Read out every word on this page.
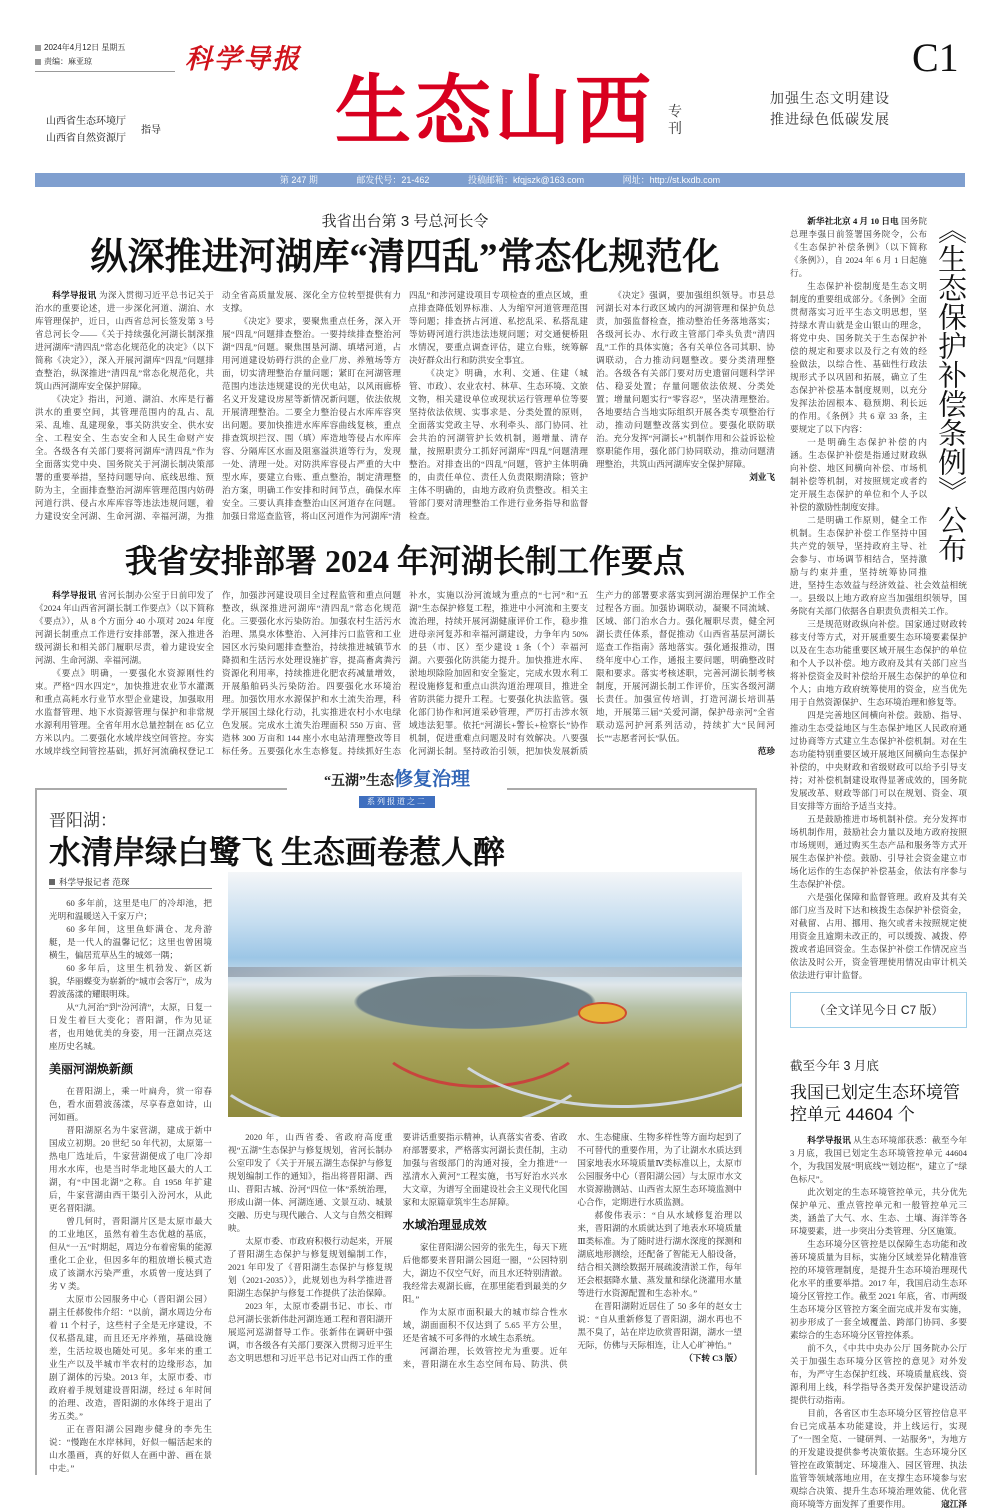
2024年4月12日 星期五
责编：麻亚琼	科学导报	C1
生态山西 专刊
山西省生态环境厅
山西省自然资源厅
指导
加强生态文明建设
推进绿色低碳发展
第 247 期	邮发代号：21-462	投稿邮箱：kfqjszk@163.com	网址：http://st.kxdb.com
我省出台第 3 号总河长令
纵深推进河湖库“清四乱”常态化规范化

科学导报讯 为深入贯彻习近平总书记关于治水的重要论述，进一步深化河道、湖泊、水库管理保护，近日，山西省总河长签发第 3 号省总河长令——《关于持续强化河湖长制深推进河湖库“清四乱”常态化规范化的决定》（以下简称《决定》），深入开展河湖库“四乱”问题排查整治，纵深推进“清四乱”常态化规范化，共筑山西河湖库安全保护屏障。

《决定》指出，河道、湖泊、水库是行蓄洪水的重要空间，其管理范围内的乱占、乱采、乱堆、乱建现象，事关防洪安全、供水安全、工程安全、生态安全和人民生命财产安全。各级各有关部门要将河湖库“清四乱”作为全面落实党中央、国务院关于河湖长制决策部署的重要举措，坚持问题导向、底线思维、预防为主，全面排查整治河湖库管理范围内妨碍河道行洪、侵占水库库容等违法违规问题，着力建设安全河湖、生命河湖、幸福河湖，为推动全省高质量发展、深化全方位转型提供有力支撑。

《决定》要求，要聚焦重点任务，深入开展“四乱”问题排查整治。一要持续排查整治河湖“四乱”问题。聚焦围垦河湖、填堵河道，占用河道建设妨碍行洪的企业厂房、养殖场等方面，切实清理整治存量问题；紧盯在河湖管理范围内违法违规建设的光伏电站，以风雨廊桥名义开发建设房屋等新情况新问题，依法依规开展清理整治。二要全力整治侵占水库库容突出问题。要加快推进水库库容曲线复核，重点排查筑坝拦汊、围（填）库造地等侵占水库库容、分隔库区水面及阻塞溢洪道等行为，发现一处、清理一处。对防洪库容侵占严重的大中型水库，要建立台账、重点整治，制定清理整治方案，明确工作安排和时间节点，确保水库安全。三要认真排查整治山区河道存在问题。加强日常巡查监管，将山区河道作为河湖库“清四乱”和涉河建设项目专项检查的重点区域，重点排查降低划界标准、人为缩窄河道管理范围等问题；排查挤占河道、私挖乱采、私搭乱建等妨碍河道行洪违法违规问题；对交通便桥阻水情况，要重点调查评估，建立台账，统筹解决好群众出行和防洪安全事宜。

《决定》明确，水利、交通、住建（城管、市政）、农业农村、林草、生态环境、文旅文物，相关建设单位或现状运行管理单位等要坚持依法依规、实事求是、分类处置的原则，全面落实党政主导、水利牵头、部门协同、社会共治的河湖管护长效机制，遏增量、清存量，按照职责分工抓好河湖库“四乱”问题清理整治。对排查出的“四乱”问题，管护主体明确的，由责任单位、责任人负责限期清除；管护主体不明确的，由地方政府负责整改。相关主管部门要对清理整治工作进行业务指导和监督检查。

《决定》强调，要加强组织领导。市县总河湖长对本行政区域内的河湖管理和保护负总责，加强监督检查，推动整治任务落地落实；各级河长办、水行政主管部门牵头负责“清四乱”工作的具体实施；各有关单位各司其职、协调联动，合力推动问题整改。要分类清理整治。各级各有关部门要对历史遗留问题科学评估、稳妥处置；存量问题依法依规、分类处置；增量问题实行“零容忍”，坚决清理整治。各地要结合当地实际组织开展各类专项整治行动，推动问题整改落实到位。要强化联防联治。充分发挥“河湖长+”机制作用和公益诉讼检察职能作用，强化部门协同联动，推动问题清理整治，共筑山西河湖库安全保护屏障。
刘业飞

我省安排部署 2024 年河湖长制工作要点

科学导报讯 省河长制办公室于日前印发了《2024 年山西省河湖长制工作要点》（以下简称《要点》），从 8 个方面分 40 小项对 2024 年度河湖长制重点工作进行安排部署，深入推进各级河湖长和相关部门履职尽责，着力建设安全河湖、生命河湖、幸福河湖。

《要点》明确，一要强化水资源刚性约束。严格“四水四定”，加快推进农业节水灌溉和重点高耗水行业节水型企业建设，加强取用水监督管理、地下水资源管理与保护和非常规水源利用管理。全省年用水总量控制在 85 亿立方米以内。二要强化水域岸线空间管控。夯实水域岸线空间管控基础，抓好河流确权登记工作，加强涉河建设项目全过程监管和重点问题整改，纵深推进河湖库“清四乱”常态化规范化。三要强化水污染防治。加强农村生活污水治理、黑臭水体整治、入河排污口监管和工业园区水污染问题排查整治，持续推进城镇节水降损和生活污水处理设施扩容，提高畜禽粪污资源化利用率，持续推进化肥农药减量增效，开展船舶码头污染防治。四要强化水环境治理。加强饮用水水源保护和水土流失治理，科学开展国土绿化行动，扎实推进农村小水电绿色发展。完成水土流失治理面积 550 万亩、营造林 300 万亩和 144 座小水电站清理整改等目标任务。五要强化水生态修复。持续抓好生态补水，实施以汾河流域为重点的“七河”和“五湖”生态保护修复工程，推进中小河流和主要支流治理，持续开展河湖健康评价工作，稳步推进母亲河复苏和幸福河湖建设，力争年内 50% 的县（市、区）至少建设 1 条（个）幸福河湖。六要强化防洪能力提升。加快推进水库、淤地坝除险加固和安全鉴定，完成水毁水利工程设施修复和重点山洪沟道治理项目，推进全省防洪能力提升工程。七要强化执法监管。强化部门协作和河道采砂管理，严厉打击涉水领域违法犯罪。依托“河湖长+警长+检察长”协作机制，促进重难点问题及时有效解决。八要强化河湖长制。坚持政治引领，把加快发展新质生产力的部署要求落实到河湖治理保护工作全过程各方面。加强协调联动，凝聚不同流域、区域、部门治水合力。强化履职尽责，健全河湖长责任体系，督促推动《山西省基层河湖长巡查工作指南》落地落实。强化通报推动，围绕年度中心工作，通报主要问题，明确整改时限和要求。落实考核述职，完善河湖长制考核制度，开展河湖长制工作评价，压实各级河湖长责任。加强宣传培训，打造河湖长培训基地，开展第三届“关爱河湖，保护母亲河”全省联动巡河护河系列活动，持续扩大“民间河长”“志愿者河长”队伍。

范珍

“五湖”生态修复治理
系列报道之二
晋阳湖：
水清岸绿白鹭飞 生态画卷惹人醉
科学导报记者 范琛

60 多年前，这里是电厂的冷却池，把光明和温暖送入千家万户；

60 多年间，这里鱼虾满仓、龙舟游艇，是一代人的温馨记忆；这里也曾困境横生，偏居荒草丛生的城郊一隅；

60 多年后，这里生机勃发、新区新貌，华丽蝶变为崭新的“城市会客厅”，成为碧波荡漾的耀眼明珠。

从“九河治”到“汾河清”，太原，日复一日发生着巨大变化；晋阳湖，作为见证者，也用她优美的身姿，用一汪湖点亮这座历史名城。

美丽河湖焕新颜

在晋阳湖上，乘一叶扁舟，赏一帘春色，看水面碧波荡漾，尽享春意如诗，山河如画。

晋阳湖原名为牛家营湖，建成于新中国成立初期。20 世纪 50 年代初，太原第一热电厂选址后，牛家营湖便成了电厂冷却用水水库，也是当时华北地区最大的人工湖，有“中国北湖”之称。自 1958 年扩建后，牛家营湖由西干渠引入汾河水，从此更名晋阳湖。

曾几何时，晋阳湖片区是太原市最大的工业地区，虽然有着生态优越的基底，但从“一五”时期起，周边分布着密集的能源重化工企业，但因多年的粗放增长模式造成了该湖水污染严重，水质曾一度达到了劣 V 类。

太原市公园服务中心（晋阳湖公园）副主任郝俊伟介绍：“以前，湖水周边分布着 11 个村子，这些村子全是无序建设，不仅私搭乱建，而且还无序养殖，基础设施差，生活垃圾也随处可见。多年来的重工业生产以及半城市半农村的边缘形态，加剧了湖体的污染。2013 年，太原市委、市政府着手规划建设晋阳湖，经过 6 年时间的治理、改造，晋阳湖的水体终于退出了劣五类。”

正在晋阳湖公园跑步健身的李先生说：“慢跑在水岸林间，好似一幅活起来的山水墨画，真的好似人在画中游、画在景中走。”

2020 年，山西省委、省政府高度重视“五湖”生态保护与修复规划，省河长制办公室印发了《关于开展五湖生态保护与修复规划编制工作的通知》，指出将晋阳湖、西山、晋阳古城、汾河“四位一体”系统治理，形成山湖一体、河湖连通、文景互动、城景交融、历史与现代融合、人文与自然交相辉映。

太原市委、市政府积极行动起来，开展了晋阳湖生态保护与修复规划编制工作，2021 年印发了《晋阳湖生态保护与修复规划（2021-2035）》，此规划也为科学推进晋阳湖生态保护与修复工作提供了法治保障。

2023 年，太原市委副书记、市长、市总河湖长张新伟赴河湖连通工程和晋阳湖开展巡河巡湖督导工作。张新伟在调研中强调，市各级各有关部门要深入贯彻习近平生态文明思想和习近平总书记对山西工作的重要讲话重要指示精神，认真落实省委、省政府部署要求，严格落实河湖长责任制，主动加强与省级部门的沟通对接，全力推进“一泓清水入黄河”工程实施，书写好治水兴水大文章，为谱写全面建设社会主义现代化国家和太原篇章筑牢生态屏障。

水域治理显成效

家住晋阳湖公园旁的张先生，每天下班后他都要来晋阳湖公园逛一圈，“公园特别大，湖边不仅空气好，而且水还特别清澈。我经常去观湖长廊，在那里能看到最美的夕阳。”

作为太原市面积最大的城市综合性水域，湖面面积不仅达到了 5.65 平方公里，还是省城不可多得的水域生态系统。

河湖治理，长效管控尤为重要。近年来，晋阳湖在水生态空间布局、防洪、供水、生态健康、生物多样性等方面均起到了不可替代的重要作用，为了让湖水水质达到国家地表水环境质量Ⅳ类标准以上，太原市公园服务中心（晋阳湖公园）与太原市水文水资源勘测站、山西省太原生态环境监测中心合作，定期进行水质监测。

郝俊伟表示：“自从水域修复治理以来，晋阳湖的水质就达到了地表水环境质量Ⅲ类标准。为了随时进行湖水深度的探测和湖底地形测绘，还配备了智能无人船设备，结合相关测绘数据开展疏浚清淤工作，每年还会根据降水量、蒸发量和绿化浇灌用水量等进行水资源配置和生态补水。”

在晋阳湖附近居住了 50 多年的赵女士说：“自从重新修复了晋阳湖，湖水再也不黑不臭了，站在岸边欣赏晋阳湖，湖水一望无际，仿佛与天际相连，让人心旷神怡。”

（下转 C3 版）

《生态保护补偿条例》公布

新华社北京 4 月 10 日电 国务院总理李强日前签署国务院令，公布《生态保护补偿条例》（以下简称《条例》），自 2024 年 6 月 1 日起施行。

生态保护补偿制度是生态文明制度的重要组成部分。《条例》全面贯彻落实习近平生态文明思想，坚持绿水青山就是金山银山的理念，将党中央、国务院关于生态保护补偿的规定和要求以及行之有效的经验做法，以综合性、基础性行政法规形式予以巩固和拓展，确立了生态保护补偿基本制度规则，以充分发挥法治固根本、稳预期、利长远的作用。《条例》共 6 章 33 条，主要规定了以下内容：

一是明确生态保护补偿的内涵。生态保护补偿是指通过财政纵向补偿、地区间横向补偿、市场机制补偿等机制，对按照规定或者约定开展生态保护的单位和个人予以补偿的激励性制度安排。

二是明确工作原则，健全工作机制。生态保护补偿工作坚持中国共产党的领导，坚持政府主导、社会参与、市场调节相结合，坚持激励与约束并重，坚持统筹协同推进，坚持生态效益与经济效益、社会效益相统一。县级以上地方政府应当加强组织领导，国务院有关部门依据各自职责负责相关工作。

三是规范财政纵向补偿。国家通过财政转移支付等方式，对开展重要生态环境要素保护以及在生态功能重要区域开展生态保护的单位和个人予以补偿。地方政府及其有关部门应当将补偿资金及时补偿给开展生态保护的单位和个人；由地方政府统筹使用的资金，应当优先用于自然资源保护、生态环境治理和修复等。

四是完善地区间横向补偿。鼓励、指导、推动生态受益地区与生态保护地区人民政府通过协商等方式建立生态保护补偿机制。对在生态功能特别重要区域开展地区间横向生态保护补偿的，中央财政和省级财政可以给予引导支持；对补偿机制建设取得显著成效的，国务院发展改革、财政等部门可以在规划、资金、项目安排等方面给予适当支持。

五是鼓励推进市场机制补偿。充分发挥市场机制作用，鼓励社会力量以及地方政府按照市场规则，通过购买生态产品和服务等方式开展生态保护补偿。鼓励、引导社会资金建立市场化运作的生态保护补偿基金，依法有序参与生态保护补偿。

六是强化保障和监督管理。政府及其有关部门应当及时下达和核拨生态保护补偿资金，对截留、占用、挪用、拖欠或者未按照规定使用资金且逾期未改正的，可以缓拨、减拨、停拨或者追回资金。生态保护补偿工作情况应当依法及时公开，资金管理使用情况由审计机关依法进行审计监督。

（全文详见今日 C7 版）
截至今年 3 月底
我国已划定生态环境管控单元 44604 个

科学导报讯 从生态环境部获悉：截至今年 3 月底，我国已划定生态环境管控单元 44604 个，为我国发展“明底线”“划边框”，建立了“绿色标尺”。

此次划定的生态环境管控单元，共分优先保护单元、重点管控单元和一般管控单元三类，涵盖了大气、水、生态、土壤、海洋等各环境要素，进一步突出分类管理、分区施策。

生态环境分区管控是以保障生态功能和改善环境质量为目标，实施分区域差异化精准管控的环境管理制度，是提升生态环境治理现代化水平的重要举措。2017 年，我国启动生态环境分区管控工作。截至 2021 年底，省、市两级生态环境分区管控方案全面完成并发布实施，初步形成了一套全域覆盖、跨部门协同、多要素综合的生态环境分区管控体系。

前不久，《中共中央办公厅 国务院办公厅关于加强生态环境分区管控的意见》对外发布，为严守生态保护红线、环境质量底线、资源利用上线，科学指导各类开发保护建设活动提供行动指南。

目前，各省区市生态环境分区管控信息平台已完成基本功能建设，并上线运行，实现了“一图全览、一键研判、一站服务”，为地方的开发建设提供参考决策依据。生态环境分区管控在政策制定、环境准入、园区管理、执法监管等领域落地应用，在支撑生态环境参与宏观综合决策、提升生态环境治理效能、优化营商环境等方面发挥了重要作用。	寇江泽
